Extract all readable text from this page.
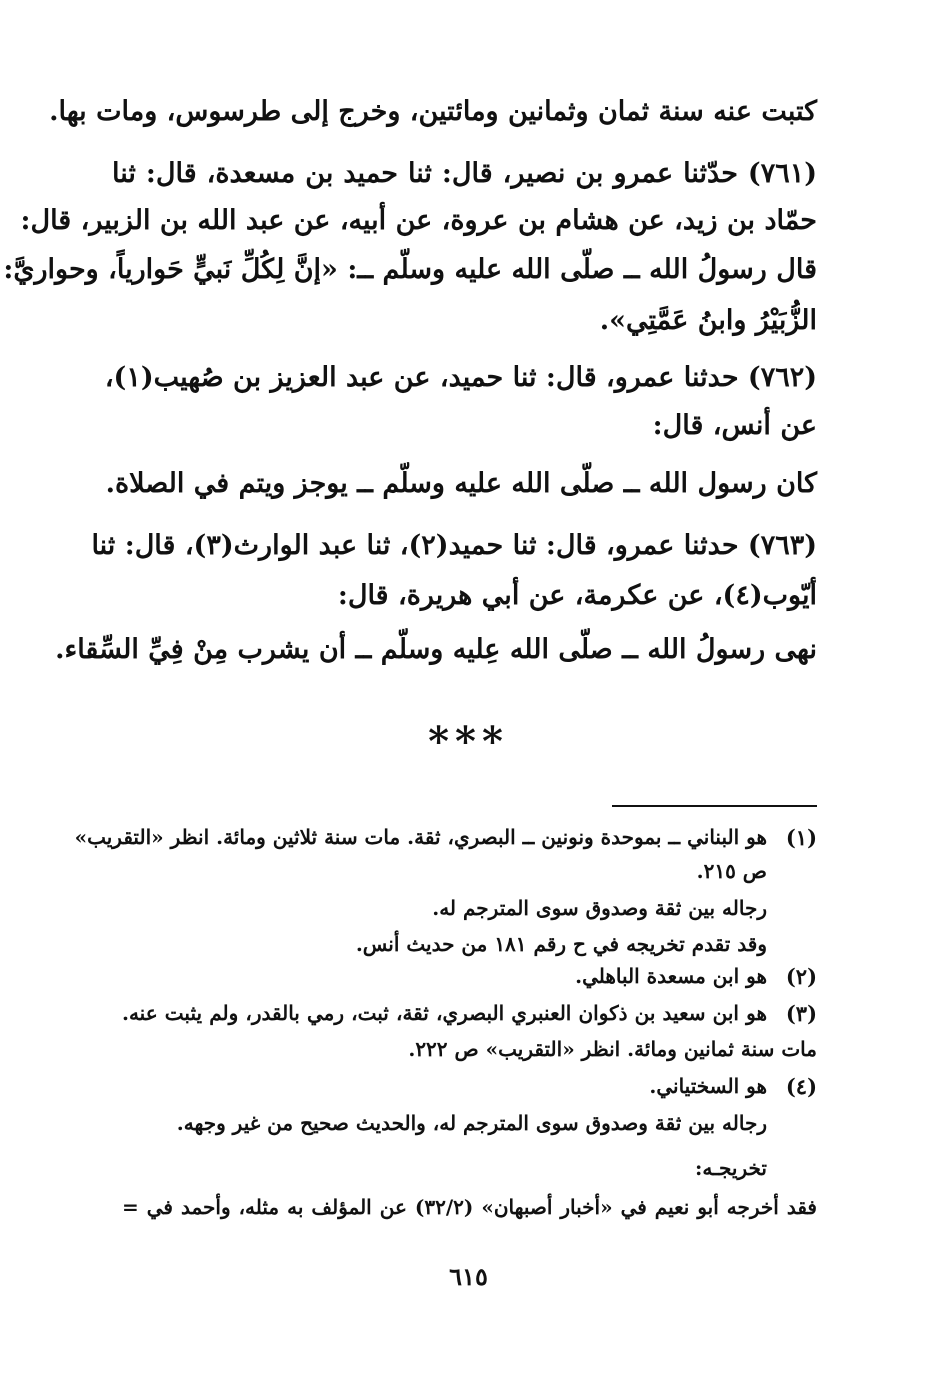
كتبت عنه سنة ثمان وثمانين ومائتين، وخرج إلى طرسوس، ومات بها.
(٧٦١) حدّثنا عمرو بن نصير، قال: ثنا حميد بن مسعدة، قال: ثنا
حمّاد بن زيد، عن هشام بن عروة، عن أبيه، عن عبد الله بن الزبير، قال:
قال رسولُ الله ــ صلّى الله عليه وسلّم ــ: «إنَّ لِكُلِّ نَبيٍّ حَوارياً، وحواريَّ:
الزُّبَيْرُ وابنُ عَمَّتِي».
(٧٦٢) حدثنا عمرو، قال: ثنا حميد، عن عبد العزيز بن صُهيب(١)،
عن أنس، قال:
كان رسول الله ــ صلّى الله عليه وسلّم ــ يوجز ويتم في الصلاة.
(٧٦٣) حدثنا عمرو، قال: ثنا حميد(٢)، ثنا عبد الوارث(٣)، قال: ثنا
أيّوب(٤)، عن عكرمة، عن أبي هريرة، قال:
نهى رسولُ الله ــ صلّى الله عِليه وسلّم ــ أن يشرب مِنْ فِيِّ السِّقاء.
***
(١)
هو البناني ــ بموحدة ونونين ــ البصري، ثقة. مات سنة ثلاثين ومائة. انظر «التقريب»
ص ٢١٥.
رجاله بين ثقة وصدوق سوى المترجم له.
وقد تقدم تخريجه في ح رقم ١٨١ من حديث أنس.
(٢)
هو ابن مسعدة الباهلي.
(٣)
هو ابن سعيد بن ذكوان العنبري البصري، ثقة، ثبت، رمي بالقدر، ولم يثبت عنه.
مات سنة ثمانين ومائة. انظر «التقريب» ص ٢٢٢.
(٤)
هو السختياني.
رجاله بين ثقة وصدوق سوى المترجم له، والحديث صحيح من غير وجهه.
تخريجـه:
فقد أخرجه أبو نعيم في «أخبار أصبهان» (٣٢/٢) عن المؤلف به مثله، وأحمد في =
٦١٥
